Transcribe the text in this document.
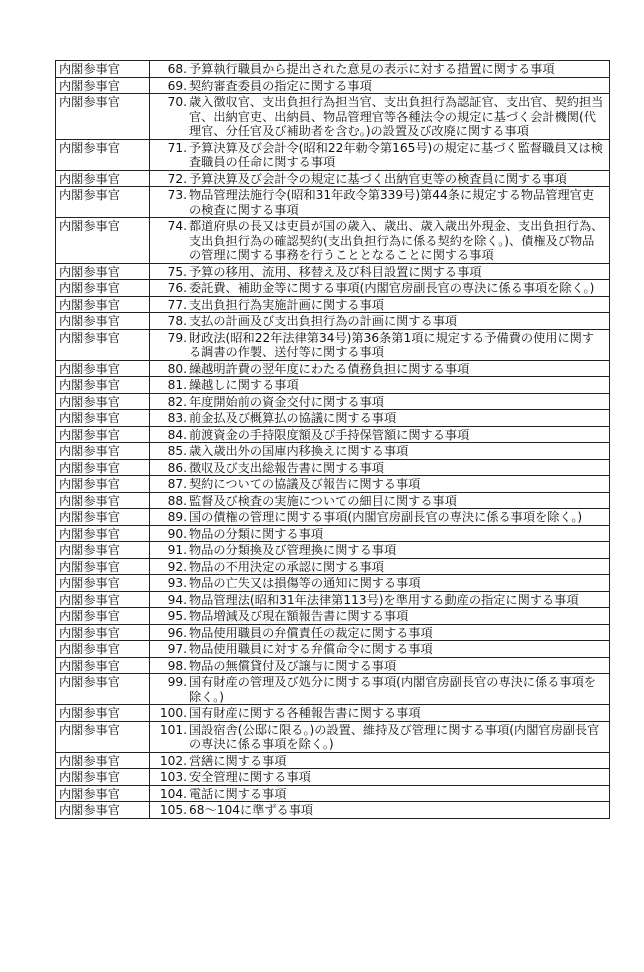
内閣参事官	68. 予算執行職員から提出された意見の表示に対する措置に関する事項

内閣参事官	69. 契約審査委員の指定に関する事項

内閣参事官	70. 歳入徴収官、支出負担行為担当官、支出負担行為認証官、支出官、契約担当官、出納官吏、出納員、物品管理官等各種法令の規定に基づく会計機関(代理官、分任官及び補助者を含む。)の設置及び改廃に関する事項

内閣参事官	71. 予算決算及び会計令(昭和22年勅令第165号)の規定に基づく監督職員又は検査職員の任命に関する事項

内閣参事官	72. 予算決算及び会計令の規定に基づく出納官吏等の検査員に関する事項

内閣参事官	73. 物品管理法施行令(昭和31年政令第339号)第44条に規定する物品管理官吏の検査に関する事項

内閣参事官	74. 都道府県の長又は吏員が国の歳入、歳出、歳入歳出外現金、支出負担行為、支出負担行為の確認契約(支出負担行為に係る契約を除く。)、債権及び物品の管理に関する事務を行うこととなることに関する事項

内閣参事官	75. 予算の移用、流用、移替え及び科目設置に関する事項

内閣参事官	76. 委託費、補助金等に関する事項(内閣官房副長官の専決に係る事項を除く。)

内閣参事官	77. 支出負担行為実施計画に関する事項

内閣参事官	78. 支払の計画及び支出負担行為の計画に関する事項

内閣参事官	79. 財政法(昭和22年法律第34号)第36条第1項に規定する予備費の使用に関する調書の作製、送付等に関する事項

内閣参事官	80. 繰越明許費の翌年度にわたる債務負担に関する事項

内閣参事官	81. 繰越しに関する事項

内閣参事官	82. 年度開始前の資金交付に関する事項

内閣参事官	83. 前金払及び概算払の協議に関する事項

内閣参事官	84. 前渡資金の手持限度額及び手持保管額に関する事項

内閣参事官	85. 歳入歳出外の国庫内移換えに関する事項

内閣参事官	86. 徴収及び支出総報告書に関する事項

内閣参事官	87. 契約についての協議及び報告に関する事項

内閣参事官	88. 監督及び検査の実施についての細目に関する事項

内閣参事官	89. 国の債権の管理に関する事項(内閣官房副長官の専決に係る事項を除く。)

内閣参事官	90. 物品の分類に関する事項

内閣参事官	91. 物品の分類換及び管理換に関する事項

内閣参事官	92. 物品の不用決定の承認に関する事項

内閣参事官	93. 物品の亡失又は損傷等の通知に関する事項

内閣参事官	94. 物品管理法(昭和31年法律第113号)を準用する動産の指定に関する事項

内閣参事官	95. 物品増減及び現在額報告書に関する事項

内閣参事官	96. 物品使用職員の弁償責任の裁定に関する事項

内閣参事官	97. 物品使用職員に対する弁償命令に関する事項

内閣参事官	98. 物品の無償貸付及び譲与に関する事項

内閣参事官	99. 国有財産の管理及び処分に関する事項(内閣官房副長官の専決に係る事項を除く。)

内閣参事官	100. 国有財産に関する各種報告書に関する事項

内閣参事官	101. 国設宿舎(公邸に限る。)の設置、維持及び管理に関する事項(内閣官房副長官の専決に係る事項を除く。)

内閣参事官	102. 営繕に関する事項

内閣参事官	103. 安全管理に関する事項

内閣参事官	104. 電話に関する事項

内閣参事官	105. 68～104に準ずる事項
